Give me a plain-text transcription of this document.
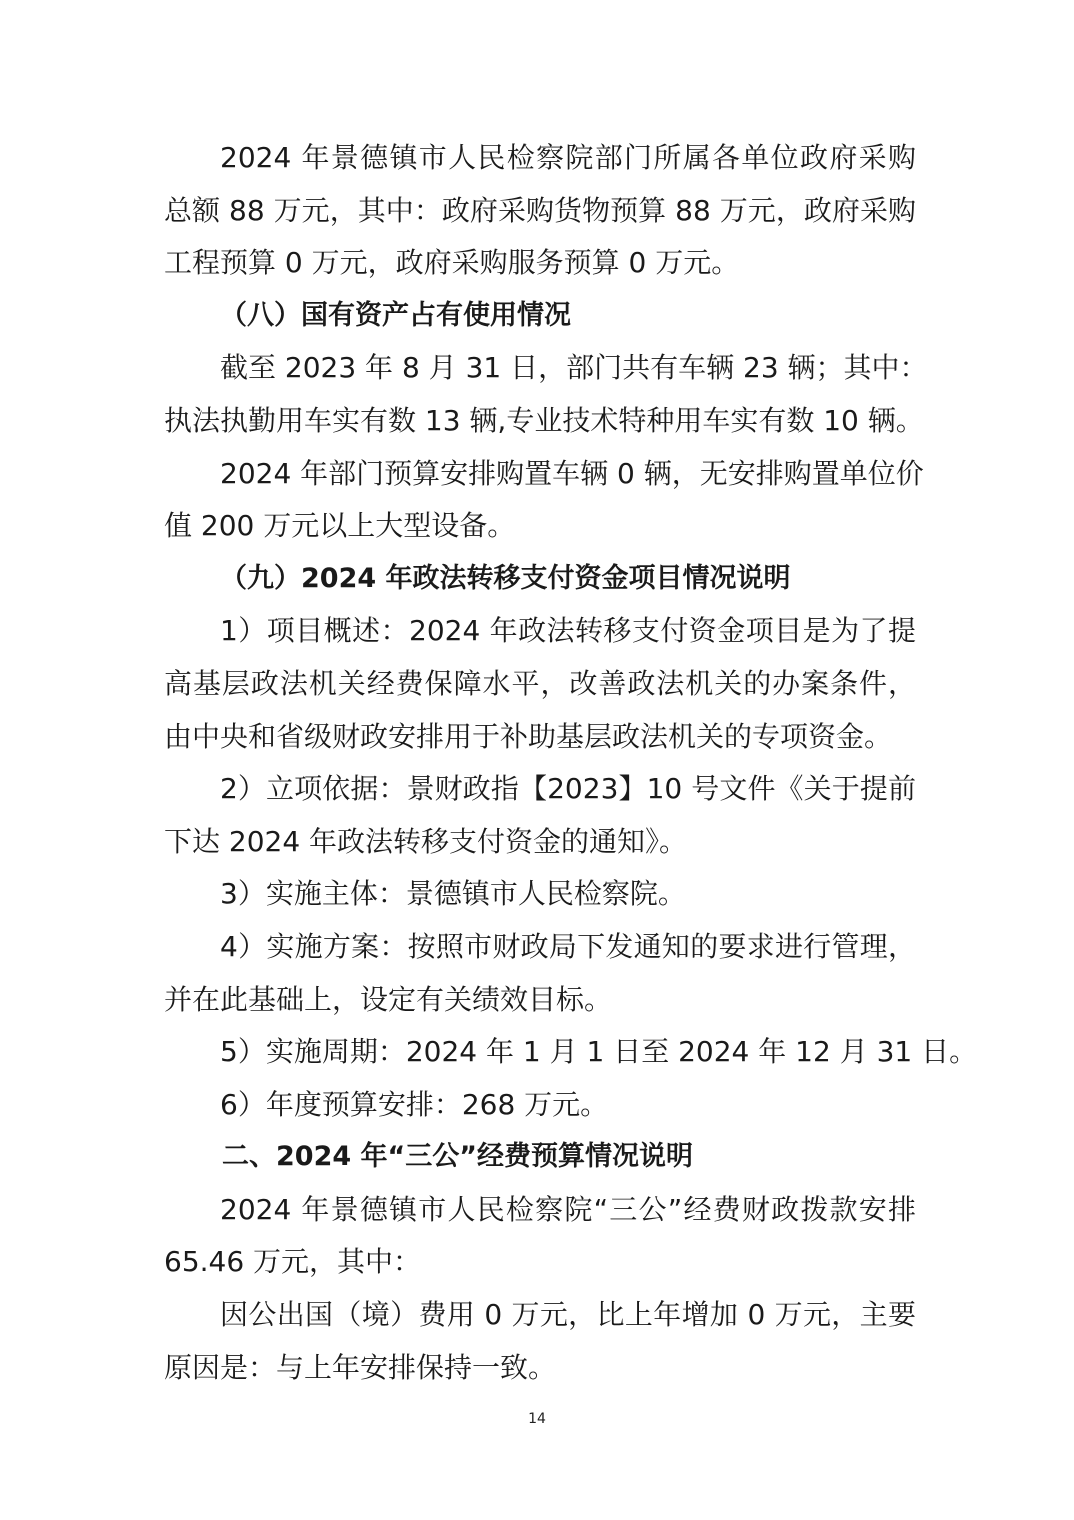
2024 年景德镇市人民检察院部门所属各单位政府采购
总额 88 万元，其中：政府采购货物预算 88 万元，政府采购
工程预算 0 万元，政府采购服务预算 0 万元。
（八）国有资产占有使用情况
截至 2023 年 8 月 31 日，部门共有车辆 23 辆；其中：
执法执勤用车实有数 13 辆,专业技术特种用车实有数 10 辆。
2024 年部门预算安排购置车辆 0 辆，无安排购置单位价
值 200 万元以上大型设备。
（九）2024 年政法转移支付资金项目情况说明
1）项目概述：2024 年政法转移支付资金项目是为了提
高基层政法机关经费保障水平，改善政法机关的办案条件，
由中央和省级财政安排用于补助基层政法机关的专项资金。
2）立项依据：景财政指【2023】10 号文件《关于提前
下达 2024 年政法转移支付资金的通知》。
3）实施主体：景德镇市人民检察院。
4）实施方案：按照市财政局下发通知的要求进行管理，
并在此基础上，设定有关绩效目标。
5）实施周期：2024 年 1 月 1 日至 2024 年 12 月 31 日。
6）年度预算安排：268 万元。
二、2024 年“三公”经费预算情况说明
2024 年景德镇市人民检察院“三公”经费财政拨款安排
65.46 万元，其中：
因公出国（境）费用 0 万元，比上年增加 0 万元，主要
原因是：与上年安排保持一致。
14
